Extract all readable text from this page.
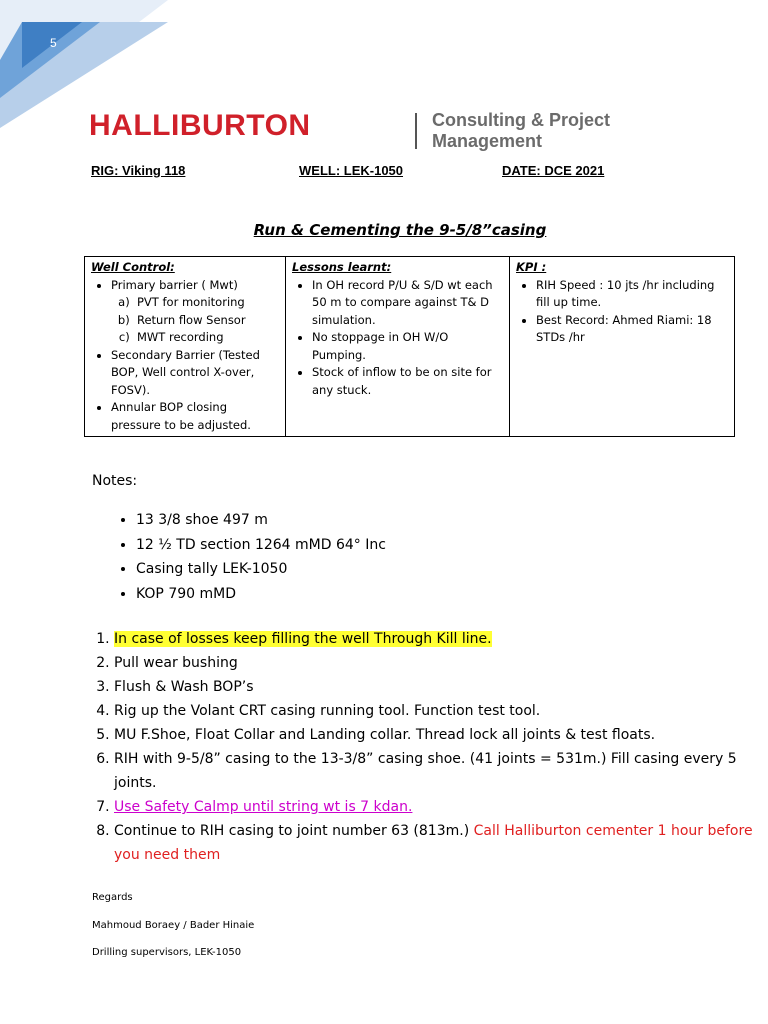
5
HALLIBURTON	Consulting & Project
Management
RIG: Viking 118	WELL: LEK-1050	DATE: DCE 2021
Run & Cementing the 9-5/8”casing
Well Control:
• Primary barrier ( Mwt)
a. PVT for monitoring
b. Return flow Sensor
c. MWT recording
• Secondary Barrier (Tested BOP, Well control X-over, FOSV).
• Annular BOP closing pressure to be adjusted.

Lessons learnt:
• In OH record P/U & S/D wt each 50 m to compare against T& D simulation.
• No stoppage in OH W/O Pumping.
• Stock of inflow to be on site for any stuck.

KPI :
• RIH Speed : 10 jts /hr including fill up time.
• Best Record: Ahmed Riami: 18 STDs /hr
Notes:
• 13 3/8 shoe 497 m
• 12 ½ TD section 1264 mMD 64° Inc
• Casing tally LEK-1050
• KOP 790 mMD
1. In case of losses keep filling the well Through Kill line.
2. Pull wear bushing
3. Flush & Wash BOP’s
4. Rig up the Volant CRT casing running tool. Function test tool.
5. MU F.Shoe, Float Collar and Landing collar. Thread lock all joints & test floats.
6. RIH with 9-5/8” casing to the 13-3/8” casing shoe. (41 joints = 531m.) Fill casing every 5 joints.
7. Use Safety Calmp until string wt is 7 kdan.
8. Continue to RIH casing to joint number 63 (813m.) Call Halliburton cementer 1 hour before you need them
Regards
Mahmoud Boraey / Bader Hinaie
Drilling supervisors, LEK-1050
